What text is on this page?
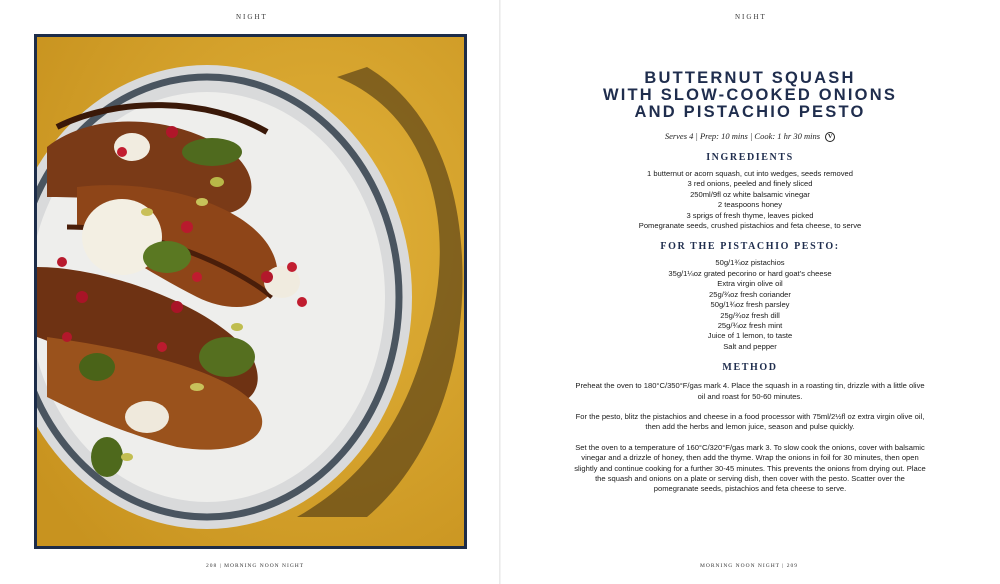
NIGHT
208 | MORNING NOON NIGHT
NIGHT
BUTTERNUT SQUASH
WITH SLOW-COOKED ONIONS
AND PISTACHIO PESTO
Serves 4 | Prep: 10 mins | Cook: 1 hr 30 mins V
INGREDIENTS
1 butternut or acorn squash, cut into wedges, seeds removed
3 red onions, peeled and finely sliced
250ml/9fl oz white balsamic vinegar
2 teaspoons honey
3 sprigs of fresh thyme, leaves picked
Pomegranate seeds, crushed pistachios and feta cheese, to serve
FOR THE PISTACHIO PESTO:
50g/1¾oz pistachios
35g/1¼oz grated pecorino or hard goat’s cheese
Extra virgin olive oil
25g/¾oz fresh coriander
50g/1¾oz fresh parsley
25g/¾oz fresh dill
25g/¾oz fresh mint
Juice of 1 lemon, to taste
Salt and pepper
METHOD

Preheat the oven to 180°C/350°F/gas mark 4. Place the squash in a roasting tin, drizzle with a little olive oil and roast for 50-60 minutes.

For the pesto, blitz the pistachios and cheese in a food processor with 75ml/2½fl oz extra virgin olive oil, then add the herbs and lemon juice, season and pulse quickly.

Set the oven to a temperature of 160°C/320°F/gas mark 3. To slow cook the onions, cover with balsamic vinegar and a drizzle of honey, then add the thyme. Wrap the onions in foil for 30 minutes, then open slightly and continue cooking for a further 30-45 minutes. This prevents the onions from drying out. Place the squash and onions on a plate or serving dish, then cover with the pesto. Scatter over the pomegranate seeds, pistachios and feta cheese to serve.

MORNING NOON NIGHT | 209
